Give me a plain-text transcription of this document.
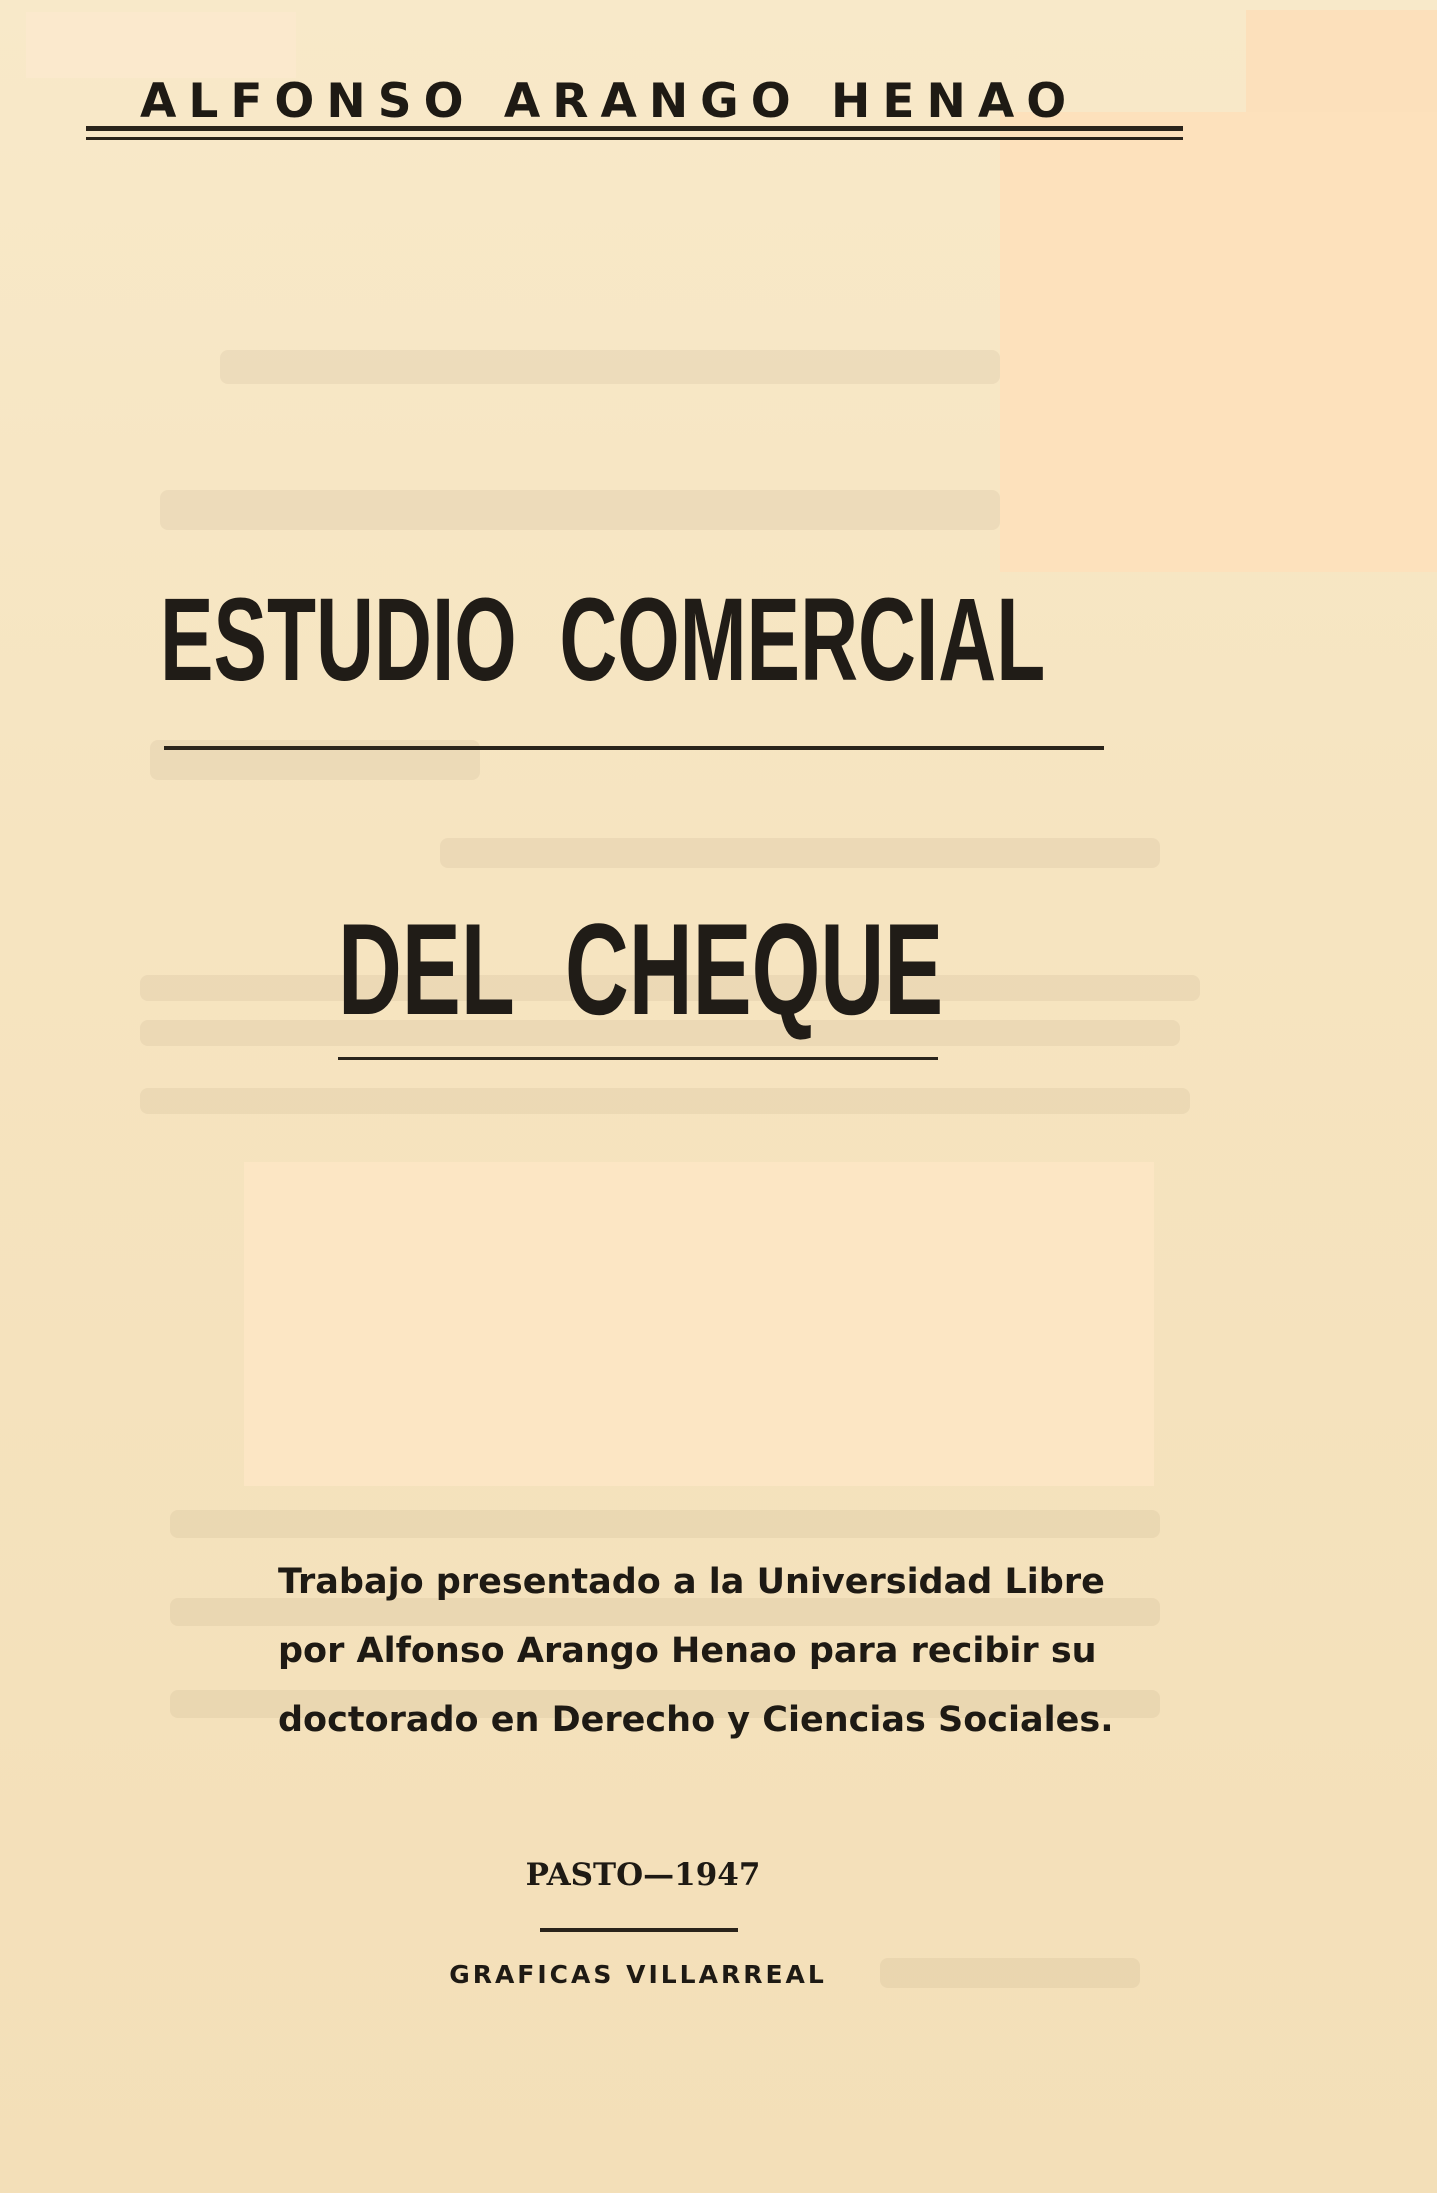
ALFONSO ARANGO HENAO
ESTUDIO COMERCIAL
DEL CHEQUE
Trabajo presentado a la Universidad Libre
por Alfonso Arango Henao para recibir su
doctorado en Derecho y Ciencias Sociales.
PASTO—1947
GRAFICAS VILLARREAL
